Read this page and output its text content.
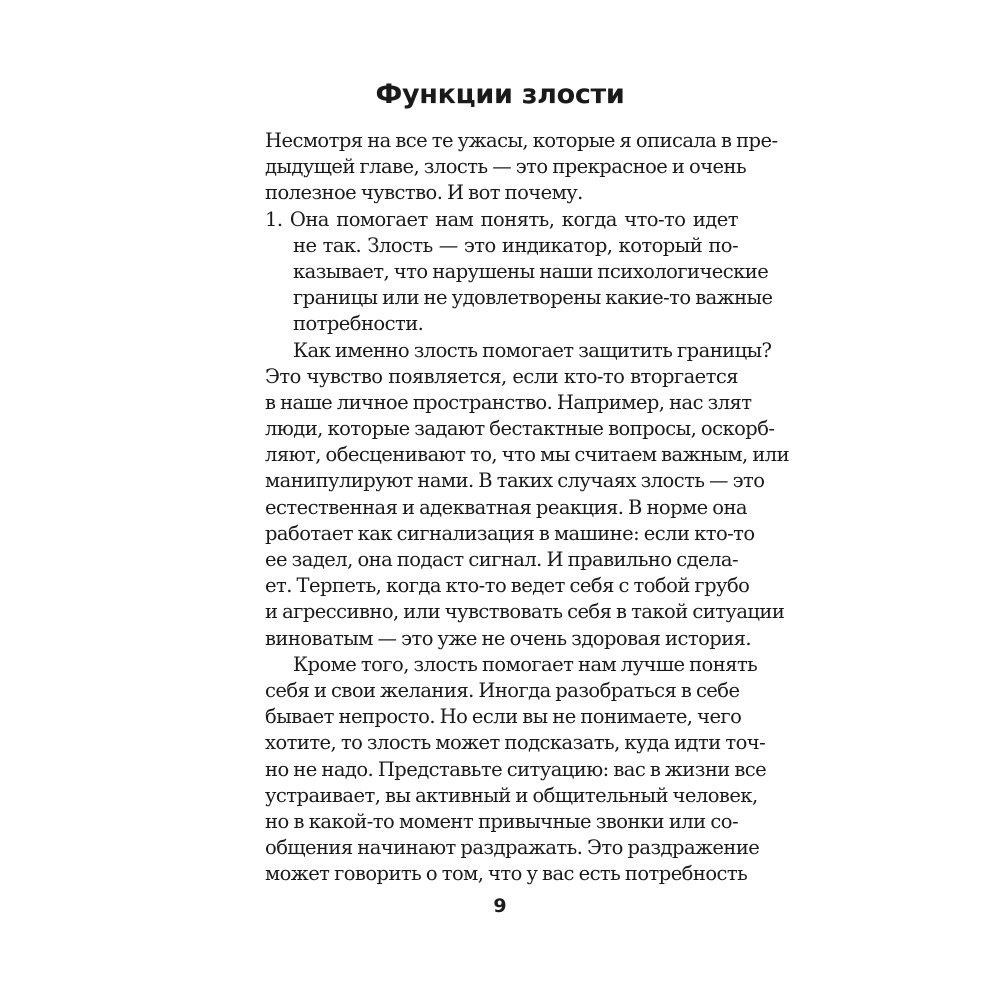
Функции злости
Несмотря на все те ужасы, которые я описала в пре-
дыдущей главе, злость — это прекрасное и очень
полезное чувство. И вот почему.
1. Она помогает нам понять, когда что-то идет
не так. Злость — это индикатор, который по-
казывает, что нарушены наши психологические
границы или не удовлетворены какие-то важные
потребности.
Как именно злость помогает защитить границы?
Это чувство появляется, если кто-то вторгается
в наше личное пространство. Например, нас злят
люди, которые задают бестактные вопросы, оскорб-
ляют, обесценивают то, что мы считаем важным, или
манипулируют нами. В таких случаях злость — это
естественная и адекватная реакция. В норме она
работает как сигнализация в машине: если кто-то
ее задел, она подаст сигнал. И правильно сдела-
ет. Терпеть, когда кто-то ведет себя с тобой грубо
и агрессивно, или чувствовать себя в такой ситуации
виноватым — это уже не очень здоровая история.
Кроме того, злость помогает нам лучше понять
себя и свои желания. Иногда разобраться в себе
бывает непросто. Но если вы не понимаете, чего
хотите, то злость может подсказать, куда идти точ-
но не надо. Представьте ситуацию: вас в жизни все
устраивает, вы активный и общительный человек,
но в какой-то момент привычные звонки или со-
общения начинают раздражать. Это раздражение
может говорить о том, что у вас есть потребность
9
